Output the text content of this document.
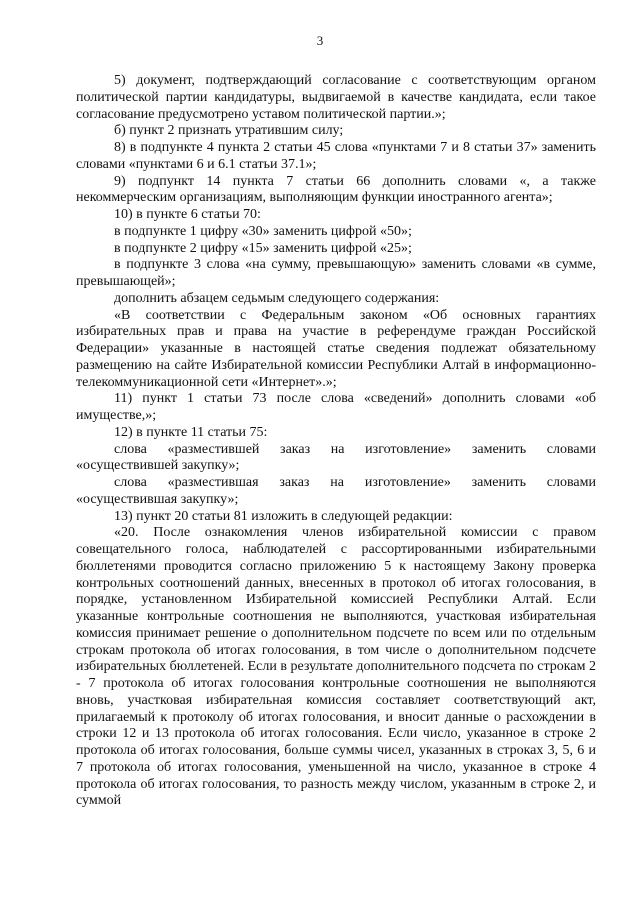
3

5) документ, подтверждающий согласование с соответствующим органом политической партии кандидатуры, выдвигаемой в качестве кандидата, если такое согласование предусмотрено уставом политической партии.»;

б) пункт 2 признать утратившим силу;

8) в подпункте 4 пункта 2 статьи 45 слова «пунктами 7 и 8 статьи 37» заменить словами «пунктами 6 и 6.1 статьи 37.1»;

9) подпункт 14 пункта 7 статьи 66 дополнить словами «, а также некоммерческим организациям, выполняющим функции иностранного агента»;

10) в пункте 6 статьи 70:

в подпункте 1 цифру «30» заменить цифрой «50»;

в подпункте 2 цифру «15» заменить цифрой «25»;

в подпункте 3 слова «на сумму, превышающую» заменить словами «в сумме, превышающей»;

дополнить абзацем седьмым следующего содержания:

«В соответствии с Федеральным законом «Об основных гарантиях избирательных прав и права на участие в референдуме граждан Российской Федерации» указанные в настоящей статье сведения подлежат обязательному размещению на сайте Избирательной комиссии Республики Алтай в информационно-телекоммуникационной сети «Интернет».»;

11) пункт 1 статьи 73 после слова «сведений» дополнить словами «об имуществе,»;

12) в пункте 11 статьи 75:

слова «разместившей заказ на изготовление» заменить словами «осуществившей закупку»;

слова «разместившая заказ на изготовление» заменить словами «осуществившая закупку»;

13) пункт 20 статьи 81 изложить в следующей редакции:

«20. После ознакомления членов избирательной комиссии с правом совещательного голоса, наблюдателей с рассортированными избирательными бюллетенями проводится согласно приложению 5 к настоящему Закону проверка контрольных соотношений данных, внесенных в протокол об итогах голосования, в порядке, установленном Избирательной комиссией Республики Алтай. Если указанные контрольные соотношения не выполняются, участковая избирательная комиссия принимает решение о дополнительном подсчете по всем или по отдельным строкам протокола об итогах голосования, в том числе о дополнительном подсчете избирательных бюллетеней. Если в результате дополнительного подсчета по строкам 2 - 7 протокола об итогах голосования контрольные соотношения не выполняются вновь, участковая избирательная комиссия составляет соответствующий акт, прилагаемый к протоколу об итогах голосования, и вносит данные о расхождении в строки 12 и 13 протокола об итогах голосования. Если число, указанное в строке 2 протокола об итогах голосования, больше суммы чисел, указанных в строках 3, 5, 6 и 7 протокола об итогах голосования, уменьшенной на число, указанное в строке 4 протокола об итогах голосования, то разность между числом, указанным в строке 2, и суммой
